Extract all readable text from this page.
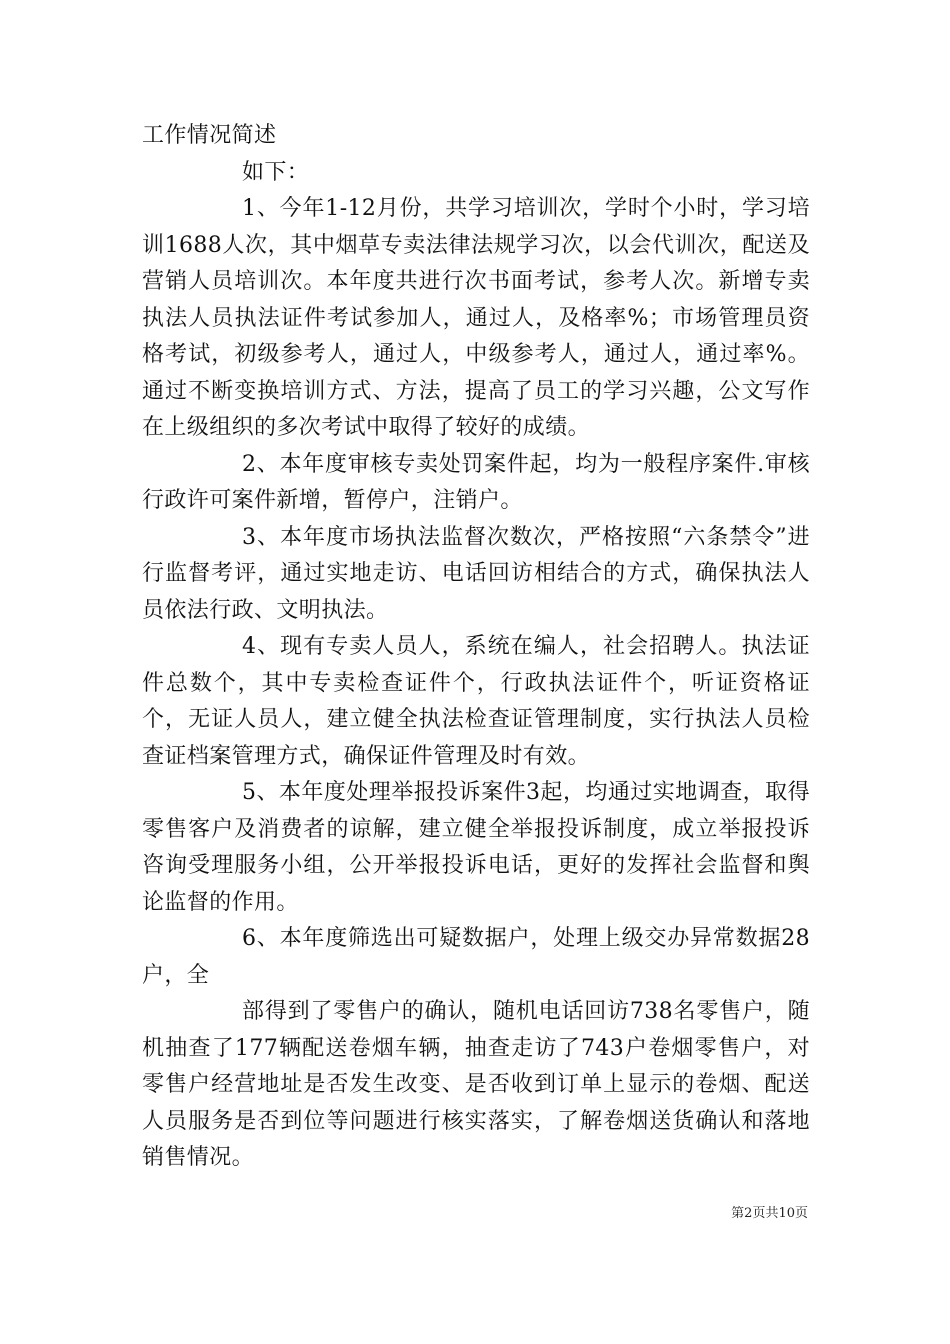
工作情况简述

如下：

1、今年1-12月份，共学习培训次，学时个小时，学习培训1688人次，其中烟草专卖法律法规学习次，以会代训次，配送及营销人员培训次。本年度共进行次书面考试，参考人次。新增专卖执法人员执法证件考试参加人，通过人，及格率%；市场管理员资格考试，初级参考人，通过人，中级参考人，通过人，通过率%。通过不断变换培训方式、方法，提高了员工的学习兴趣，公文写作在上级组织的多次考试中取得了较好的成绩。

2、本年度审核专卖处罚案件起，均为一般程序案件.审核行政许可案件新增，暂停户，注销户。

3、本年度市场执法监督次数次，严格按照“六条禁令”进行监督考评，通过实地走访、电话回访相结合的方式，确保执法人员依法行政、文明执法。

4、现有专卖人员人，系统在编人，社会招聘人。执法证件总数个，其中专卖检查证件个，行政执法证件个，听证资格证个，无证人员人，建立健全执法检查证管理制度，实行执法人员检查证档案管理方式，确保证件管理及时有效。

5、本年度处理举报投诉案件3起，均通过实地调查，取得零售客户及消费者的谅解，建立健全举报投诉制度，成立举报投诉咨询受理服务小组，公开举报投诉电话，更好的发挥社会监督和舆论监督的作用。

6、本年度筛选出可疑数据户，处理上级交办异常数据28户，全

部得到了零售户的确认，随机电话回访738名零售户，随机抽查了177辆配送卷烟车辆，抽查走访了743户卷烟零售户，对零售户经营地址是否发生改变、是否收到订单上显示的卷烟、配送人员服务是否到位等问题进行核实落实，了解卷烟送货确认和落地销售情况。

第2页共10页
